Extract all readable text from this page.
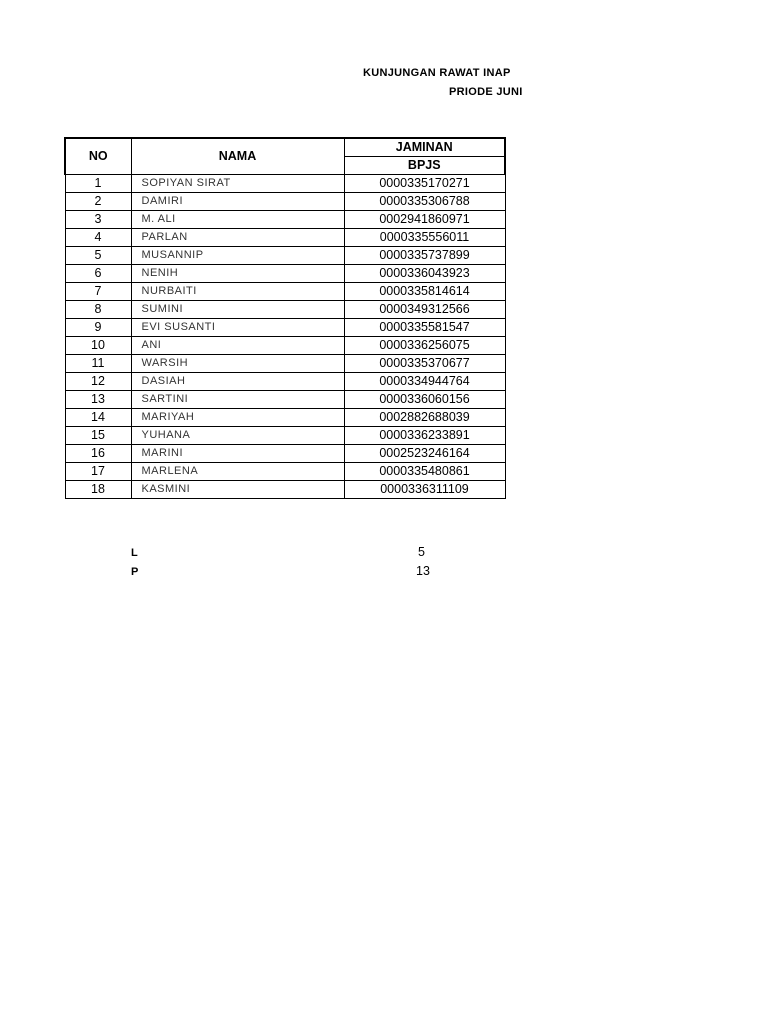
KUNJUNGAN RAWAT INAP
PRIODE JUNI
NO	NAMA	JAMINAN
		BPJS
1	SOPIYAN SIRAT	0000335170271
2	DAMIRI	0000335306788
3	M. ALI	0002941860971
4	PARLAN	0000335556011
5	MUSANNIP	0000335737899
6	NENIH	0000336043923
7	NURBAITI	0000335814614
8	SUMINI	0000349312566
9	EVI SUSANTI	0000335581547
10	ANI	0000336256075
11	WARSIH	0000335370677
12	DASIAH	0000334944764
13	SARTINI	0000336060156
14	MARIYAH	0002882688039
15	YUHANA	0000336233891
16	MARINI	0002523246164
17	MARLENA	0000335480861
18	KASMINI	0000336311109
L	5
P	13
